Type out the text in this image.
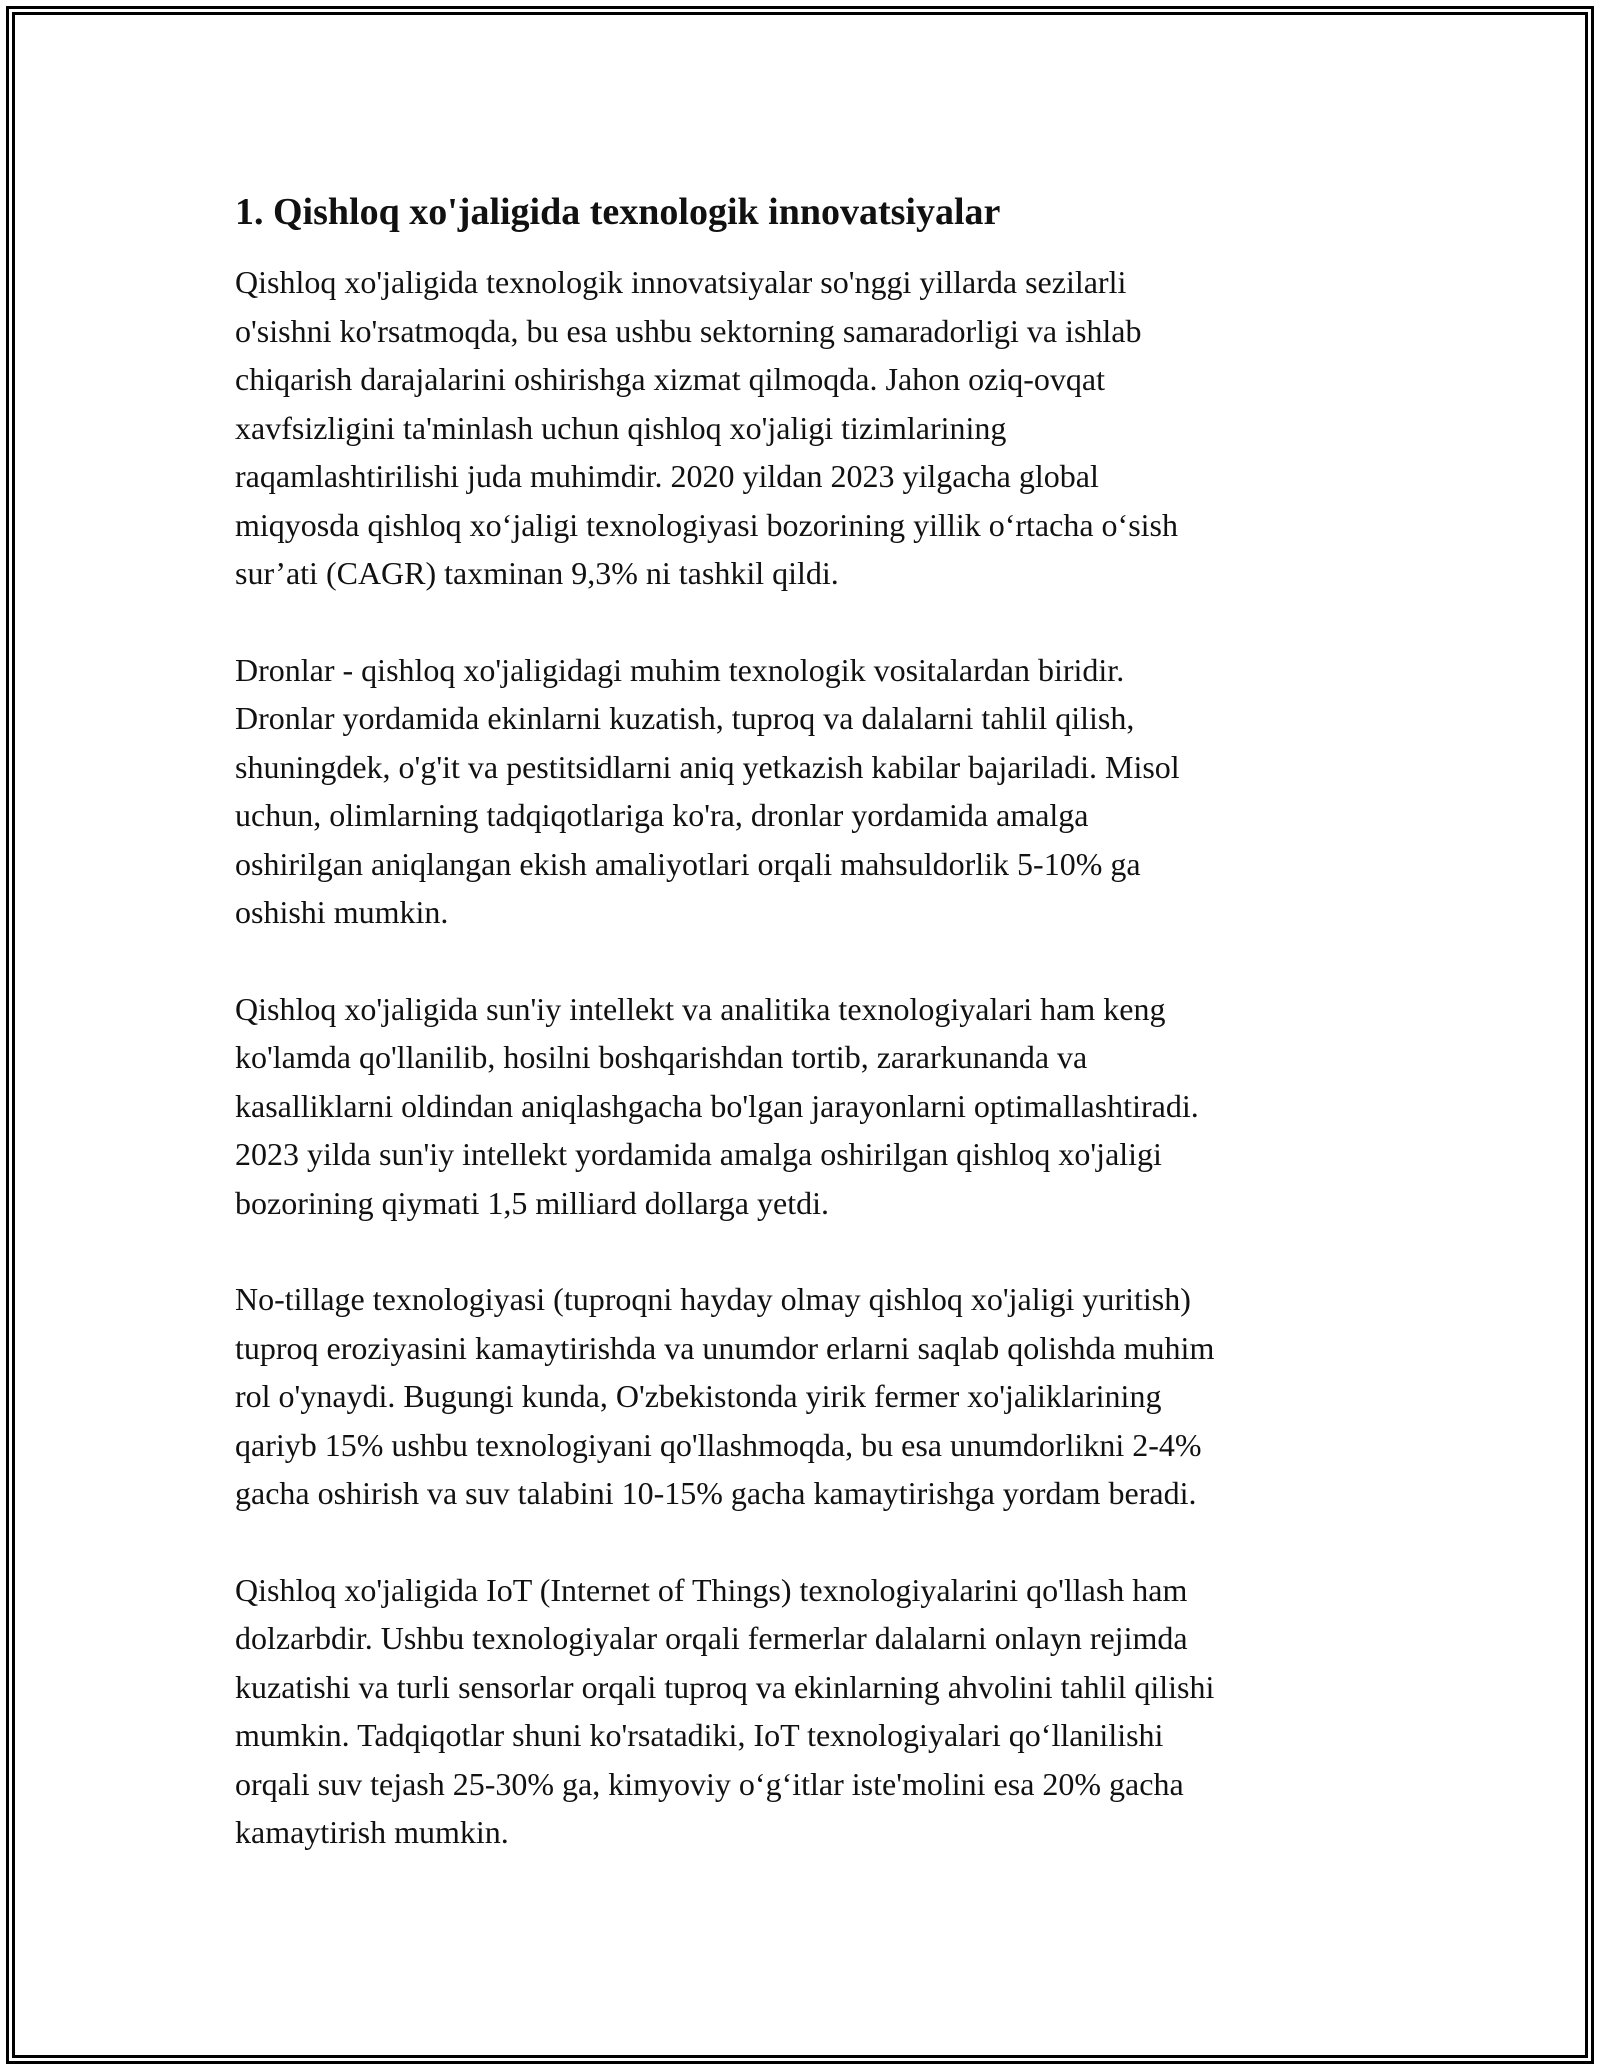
1. Qishloq xo'jaligida texnologik innovatsiyalar

Qishloq xo'jaligida texnologik innovatsiyalar so'nggi yillarda sezilarli
o'sishni ko'rsatmoqda, bu esa ushbu sektorning samaradorligi va ishlab
chiqarish darajalarini oshirishga xizmat qilmoqda. Jahon oziq-ovqat
xavfsizligini ta'minlash uchun qishloq xo'jaligi tizimlarining
raqamlashtirilishi juda muhimdir. 2020 yildan 2023 yilgacha global
miqyosda qishloq xo‘jaligi texnologiyasi bozorining yillik o‘rtacha o‘sish
sur’ati (CAGR) taxminan 9,3% ni tashkil qildi.

Dronlar - qishloq xo'jaligidagi muhim texnologik vositalardan biridir.
Dronlar yordamida ekinlarni kuzatish, tuproq va dalalarni tahlil qilish,
shuningdek, o'g'it va pestitsidlarni aniq yetkazish kabilar bajariladi. Misol
uchun, olimlarning tadqiqotlariga ko'ra, dronlar yordamida amalga
oshirilgan aniqlangan ekish amaliyotlari orqali mahsuldorlik 5-10% ga
oshishi mumkin.

Qishloq xo'jaligida sun'iy intellekt va analitika texnologiyalari ham keng
ko'lamda qo'llanilib, hosilni boshqarishdan tortib, zararkunanda va
kasalliklarni oldindan aniqlashgacha bo'lgan jarayonlarni optimallashtiradi.
2023 yilda sun'iy intellekt yordamida amalga oshirilgan qishloq xo'jaligi
bozorining qiymati 1,5 milliard dollarga yetdi.

No-tillage texnologiyasi (tuproqni hayday olmay qishloq xo'jaligi yuritish)
tuproq eroziyasini kamaytirishda va unumdor erlarni saqlab qolishda muhim
rol o'ynaydi. Bugungi kunda, O'zbekistonda yirik fermer xo'jaliklarining
qariyb 15% ushbu texnologiyani qo'llashmoqda, bu esa unumdorlikni 2-4%
gacha oshirish va suv talabini 10-15% gacha kamaytirishga yordam beradi.

Qishloq xo'jaligida IoT (Internet of Things) texnologiyalarini qo'llash ham
dolzarbdir. Ushbu texnologiyalar orqali fermerlar dalalarni onlayn rejimda
kuzatishi va turli sensorlar orqali tuproq va ekinlarning ahvolini tahlil qilishi
mumkin. Tadqiqotlar shuni ko'rsatadiki, IoT texnologiyalari qo‘llanilishi
orqali suv tejash 25-30% ga, kimyoviy o‘g‘itlar iste'molini esa 20% gacha
kamaytirish mumkin.
